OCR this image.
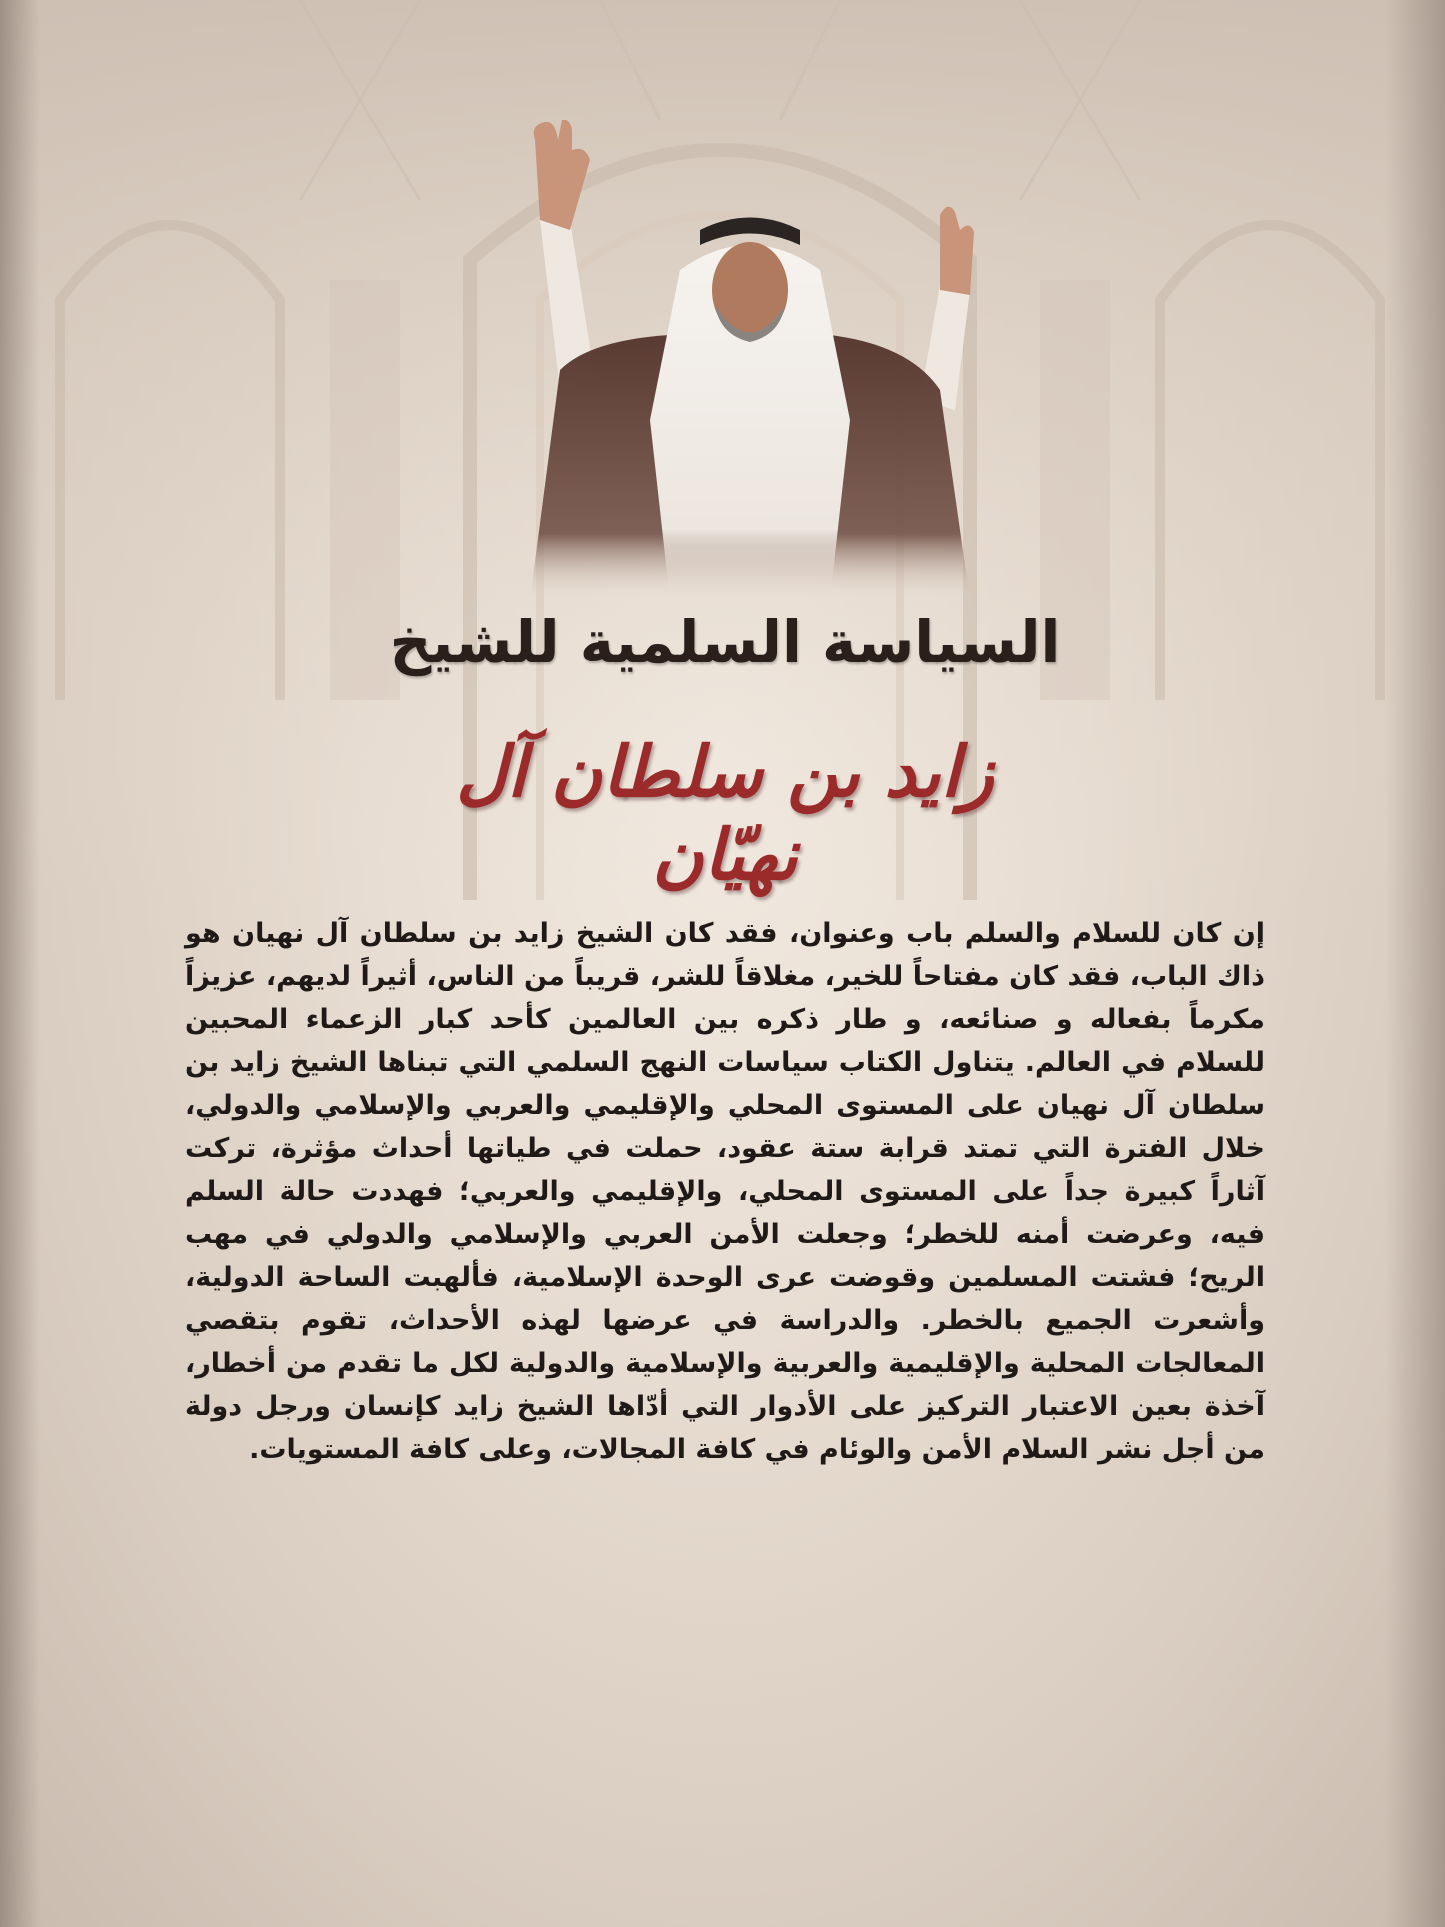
السياسة السلمية للشيخ
زايد بن سلطان آل نهيّان
إن كان للسلام والسلم باب وعنوان، فقد كان الشيخ زايد بن سلطان آل نهيان هو ذاك الباب، فقد كان مفتاحاً للخير، مغلاقاً للشر، قريباً من الناس، أثيراً لديهم، عزيزاً مكرماً بفعاله و صنائعه، و طار ذكره بين العالمين كأحد كبار الزعماء المحبين للسلام في العالم. يتناول الكتاب سياسات النهج السلمي التي تبناها الشيخ زايد بن سلطان آل نهيان على المستوى المحلي والإقليمي والعربي والإسلامي والدولي، خلال الفترة التي تمتد قرابة ستة عقود، حملت في طياتها أحداث مؤثرة، تركت آثاراً كبيرة جداً على المستوى المحلي، والإقليمي والعربي؛ فهددت حالة السلم فيه، وعرضت أمنه للخطر؛ وجعلت الأمن العربي والإسلامي والدولي في مهب الريح؛ فشتت المسلمين وقوضت عرى الوحدة الإسلامية، فألهبت الساحة الدولية، وأشعرت الجميع بالخطر. والدراسة في عرضها لهذه الأحداث، تقوم بتقصي المعالجات المحلية والإقليمية والعربية والإسلامية والدولية لكل ما تقدم من أخطار، آخذة بعين الاعتبار التركيز على الأدوار التي أدّاها الشيخ زايد كإنسان ورجل دولة من أجل نشر السلام الأمن والوئام في كافة المجالات، وعلى كافة المستويات.
